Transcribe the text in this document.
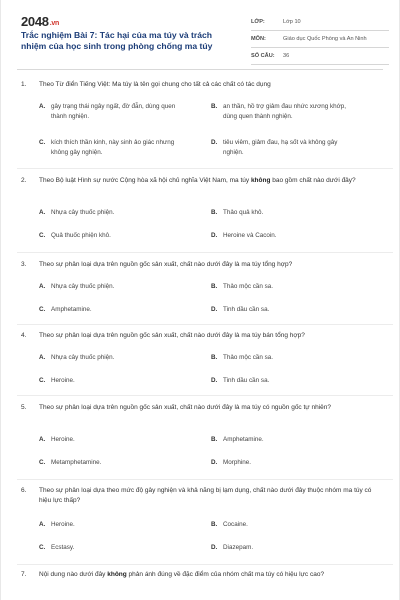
2048.vn
Trắc nghiệm Bài 7: Tác hại của ma túy và trách nhiệm của học sinh trong phòng chống ma túy
LỚP:	Lớp 10
MÔN:	Giáo dục Quốc Phòng và An Ninh
SỐ CÂU:	36
1.	Theo Từ điển Tiếng Việt: Ma túy là tên gọi chung cho tất cả các chất có tác dụng
A. gây trạng thái ngây ngất, đờ đẫn, dùng quen thành nghiện.
B. an thần, hồ trợ giảm đau nhức xương khớp, dùng quen thành nghiện.
C. kích thích thần kinh, này sinh ảo giác nhưng không gây nghiện.
D. tiêu viêm, giảm đau, hạ sốt và không gây nghiện.
2.	Theo Bộ luật Hình sự nước Cộng hòa xã hội chủ nghĩa Việt Nam, ma túy không bao gồm chất nào dưới đây?
A. Nhựa cây thuốc phiện.	B. Thảo quả khô.
C. Quả thuốc phiện khô.	D. Heroine và Cacoin.
3.	Theo sự phân loại dựa trên nguồn gốc sản xuất, chất nào dưới đây là ma túy tổng hợp?
A. Nhựa cây thuốc phiện.	B. Thảo mộc cần sa.
C. Amphetamine.	D. Tinh dầu cần sa.
4.	Theo sự phân loại dựa trên nguồn gốc sản xuất, chất nào dưới đây là ma túy bán tổng hợp?
A. Nhựa cây thuốc phiện.	B. Thảo mộc cần sa.
C. Heroine.	D. Tinh dầu cần sa.
5.	Theo sự phân loại dựa trên nguồn gốc sản xuất, chất nào dưới đây là ma túy có nguồn gốc tự nhiên?
A. Heroine.	B. Amphetamine.
C. Metamphetamine.	D. Morphine.
6.	Theo sự phân loại dựa theo mức độ gây nghiện và khả năng bị lạm dụng, chất nào dưới đây thuộc nhóm ma túy có hiệu lực thấp?
A. Heroine.	B. Cocaine.
C. Ecstasy.	D. Diazepam.
7.	Nội dung nào dưới đây không phản ánh đúng về đặc điểm của nhóm chất ma túy có hiệu lực cao?
